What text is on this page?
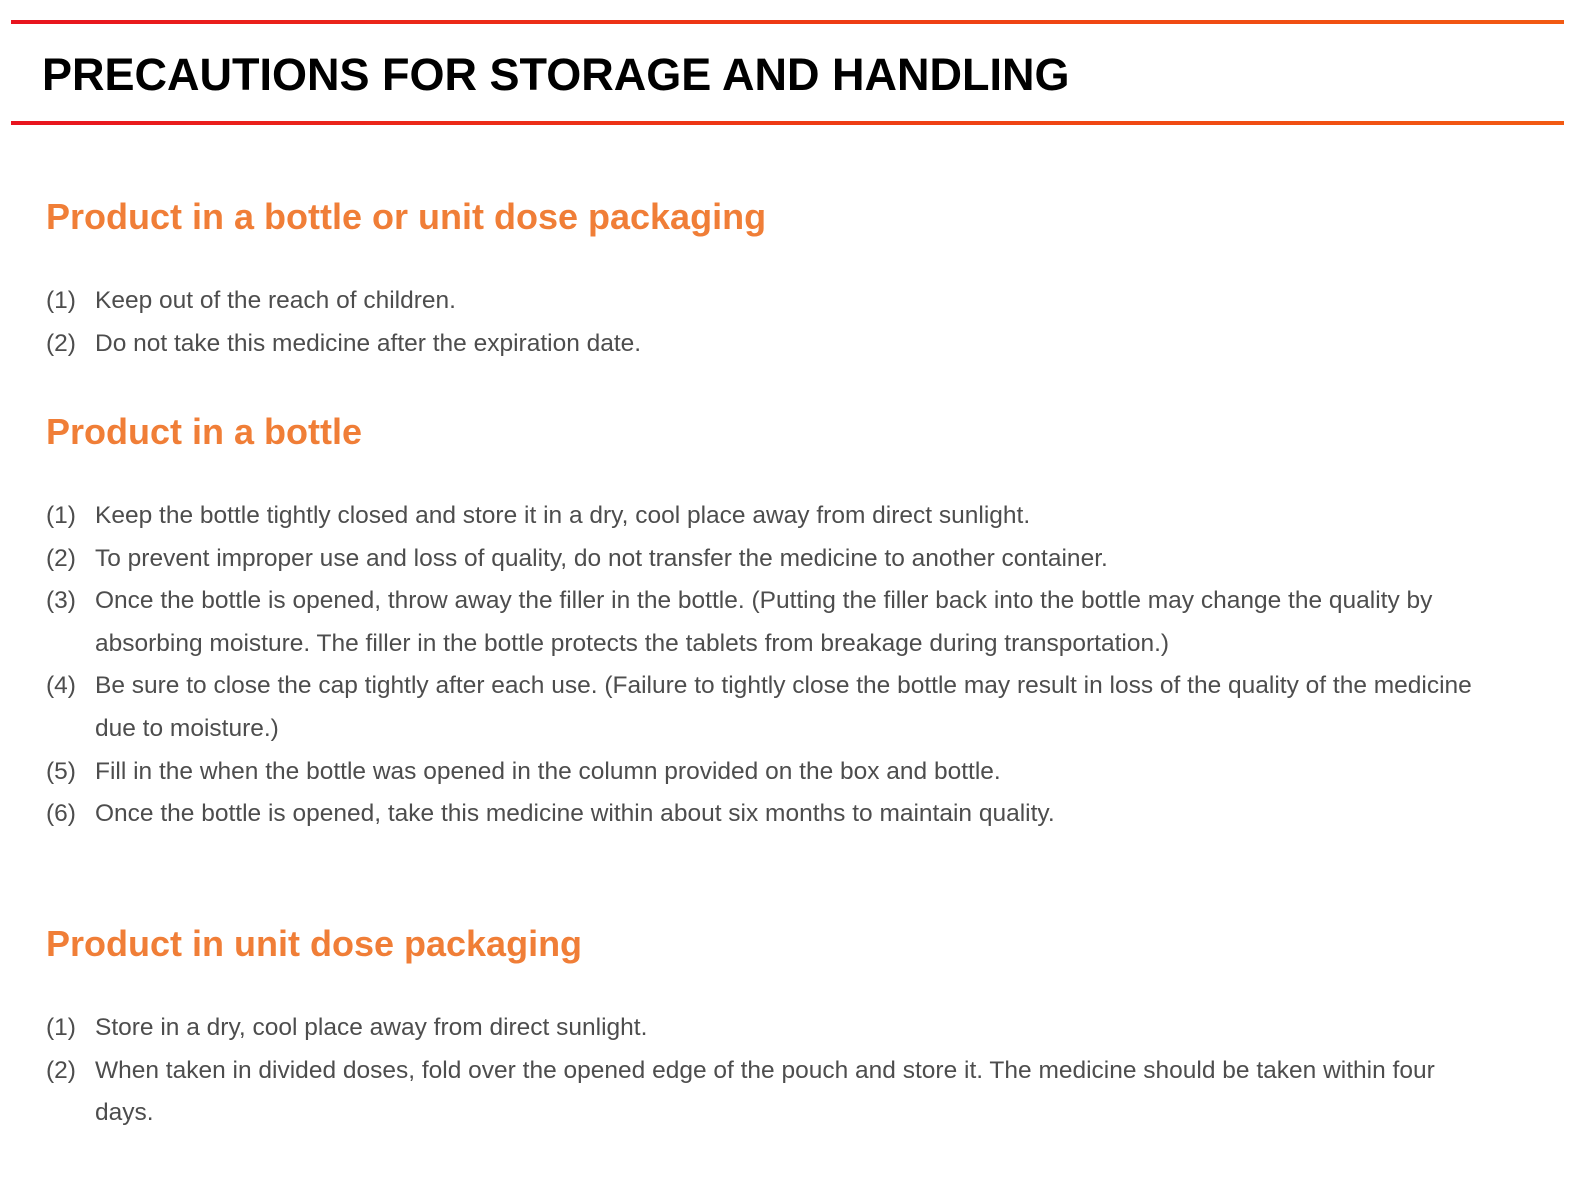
PRECAUTIONS FOR STORAGE AND HANDLING
Product in a bottle or unit dose packaging
(1) Keep out of the reach of children.
(2) Do not take this medicine after the expiration date.
Product in a bottle
(1) Keep the bottle tightly closed and store it in a dry, cool place away from direct sunlight.
(2) To prevent improper use and loss of quality, do not transfer the medicine to another container.
(3) Once the bottle is opened, throw away the filler in the bottle. (Putting the filler back into the bottle may change the quality by absorbing moisture. The filler in the bottle protects the tablets from breakage during transportation.)
(4) Be sure to close the cap tightly after each use. (Failure to tightly close the bottle may result in loss of the quality of the medicine due to moisture.)
(5) Fill in the when the bottle was opened in the column provided on the box and bottle.
(6) Once the bottle is opened, take this medicine within about six months to maintain quality.
Product in unit dose packaging
(1) Store in a dry, cool place away from direct sunlight.
(2) When taken in divided doses, fold over the opened edge of the pouch and store it. The medicine should be taken within four days.
